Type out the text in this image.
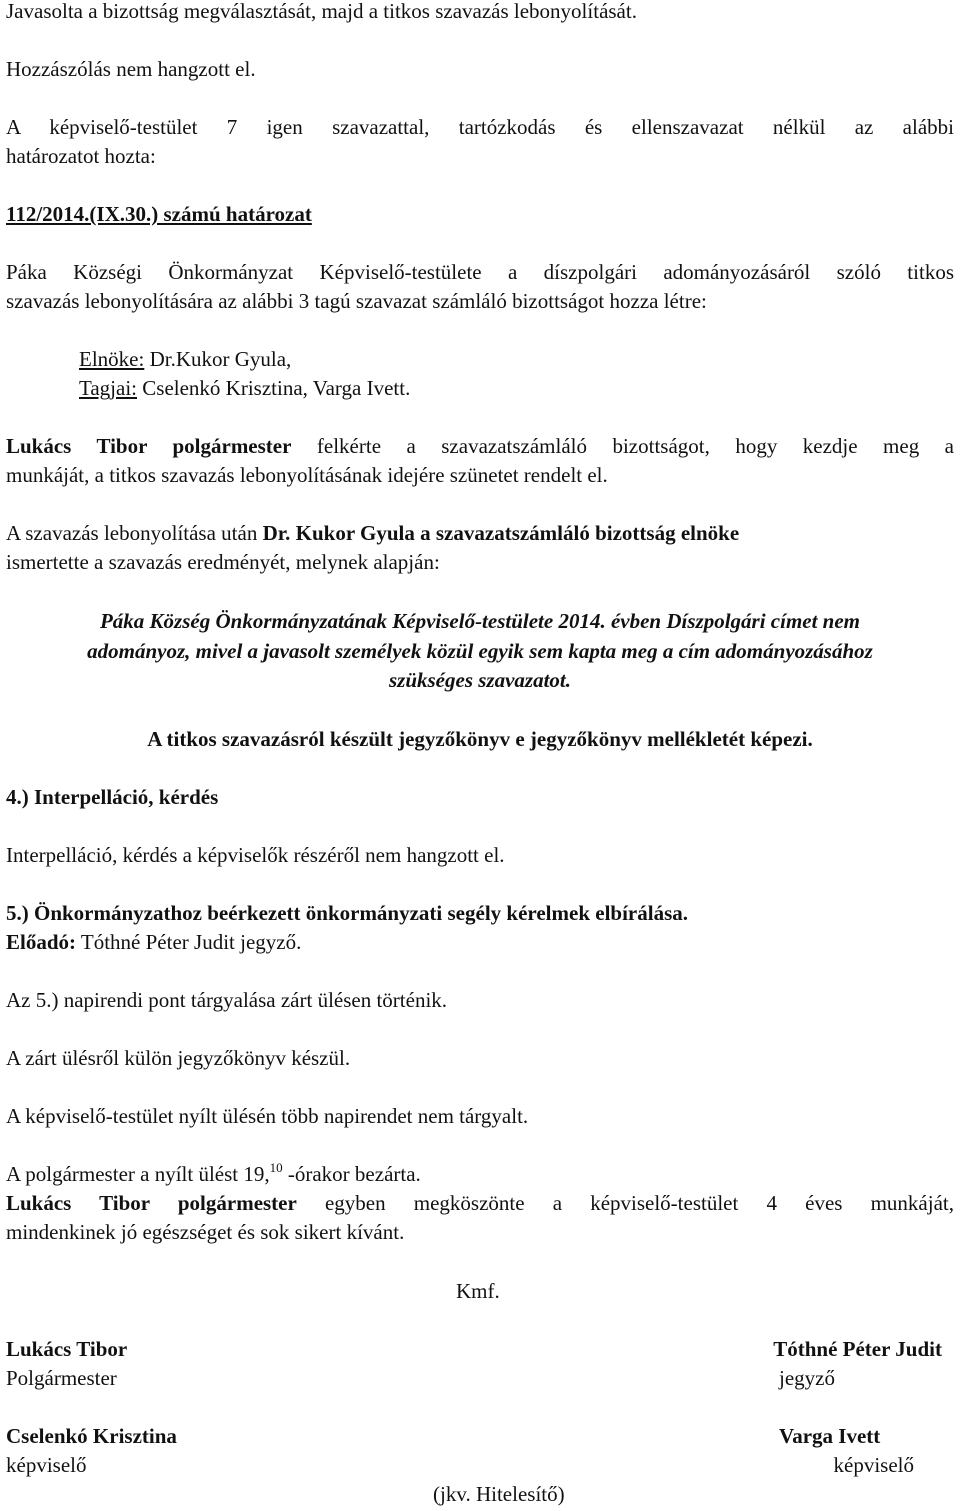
Javasolta a bizottság megválasztását, majd a titkos szavazás lebonyolítását.
Hozzászólás nem hangzott el.
A képviselő-testület 7 igen szavazattal, tartózkodás és ellenszavazat nélkül az alábbi
határozatot hozta:
112/2014.(IX.30.) számú határozat
Páka Községi Önkormányzat Képviselő-testülete a díszpolgári adományozásáról szóló titkos
szavazás lebonyolítására az alábbi 3 tagú szavazat számláló bizottságot hozza létre:
Elnöke: Dr.Kukor Gyula,
Tagjai: Cselenkó Krisztina, Varga Ivett.
Lukács Tibor polgármester felkérte a szavazatszámláló bizottságot, hogy kezdje meg a
munkáját, a titkos szavazás lebonyolításának idejére szünetet rendelt el.
A szavazás lebonyolítása után Dr. Kukor Gyula a szavazatszámláló bizottság elnöke
ismertette a szavazás eredményét, melynek alapján:
Páka Község Önkormányzatának Képviselő-testülete 2014. évben Díszpolgári címet nem
adományoz, mivel a javasolt személyek közül egyik sem kapta meg a cím adományozásához
szükséges szavazatot.
A titkos szavazásról készült jegyzőkönyv e jegyzőkönyv mellékletét képezi.
4.) Interpelláció, kérdés
Interpelláció, kérdés a képviselők részéről nem hangzott el.
5.) Önkormányzathoz beérkezett önkormányzati segély kérelmek elbírálása.
Előadó: Tóthné Péter Judit jegyző.
Az 5.) napirendi pont tárgyalása zárt ülésen történik.
A zárt ülésről külön jegyzőkönyv készül.
A képviselő-testület nyílt ülésén több napirendet nem tárgyalt.
A polgármester a nyílt ülést 19,10 -órakor bezárta.
Lukács Tibor polgármester egyben megköszönte a képviselő-testület 4 éves munkáját,
mindenkinek jó egészséget és sok sikert kívánt.
Kmf.
Lukács Tibor
Polgármester
Tóthné Péter Judit
jegyző
Cselenkó Krisztina
képviselő
Varga Ivett
képviselő
(jkv. Hitelesítő)
